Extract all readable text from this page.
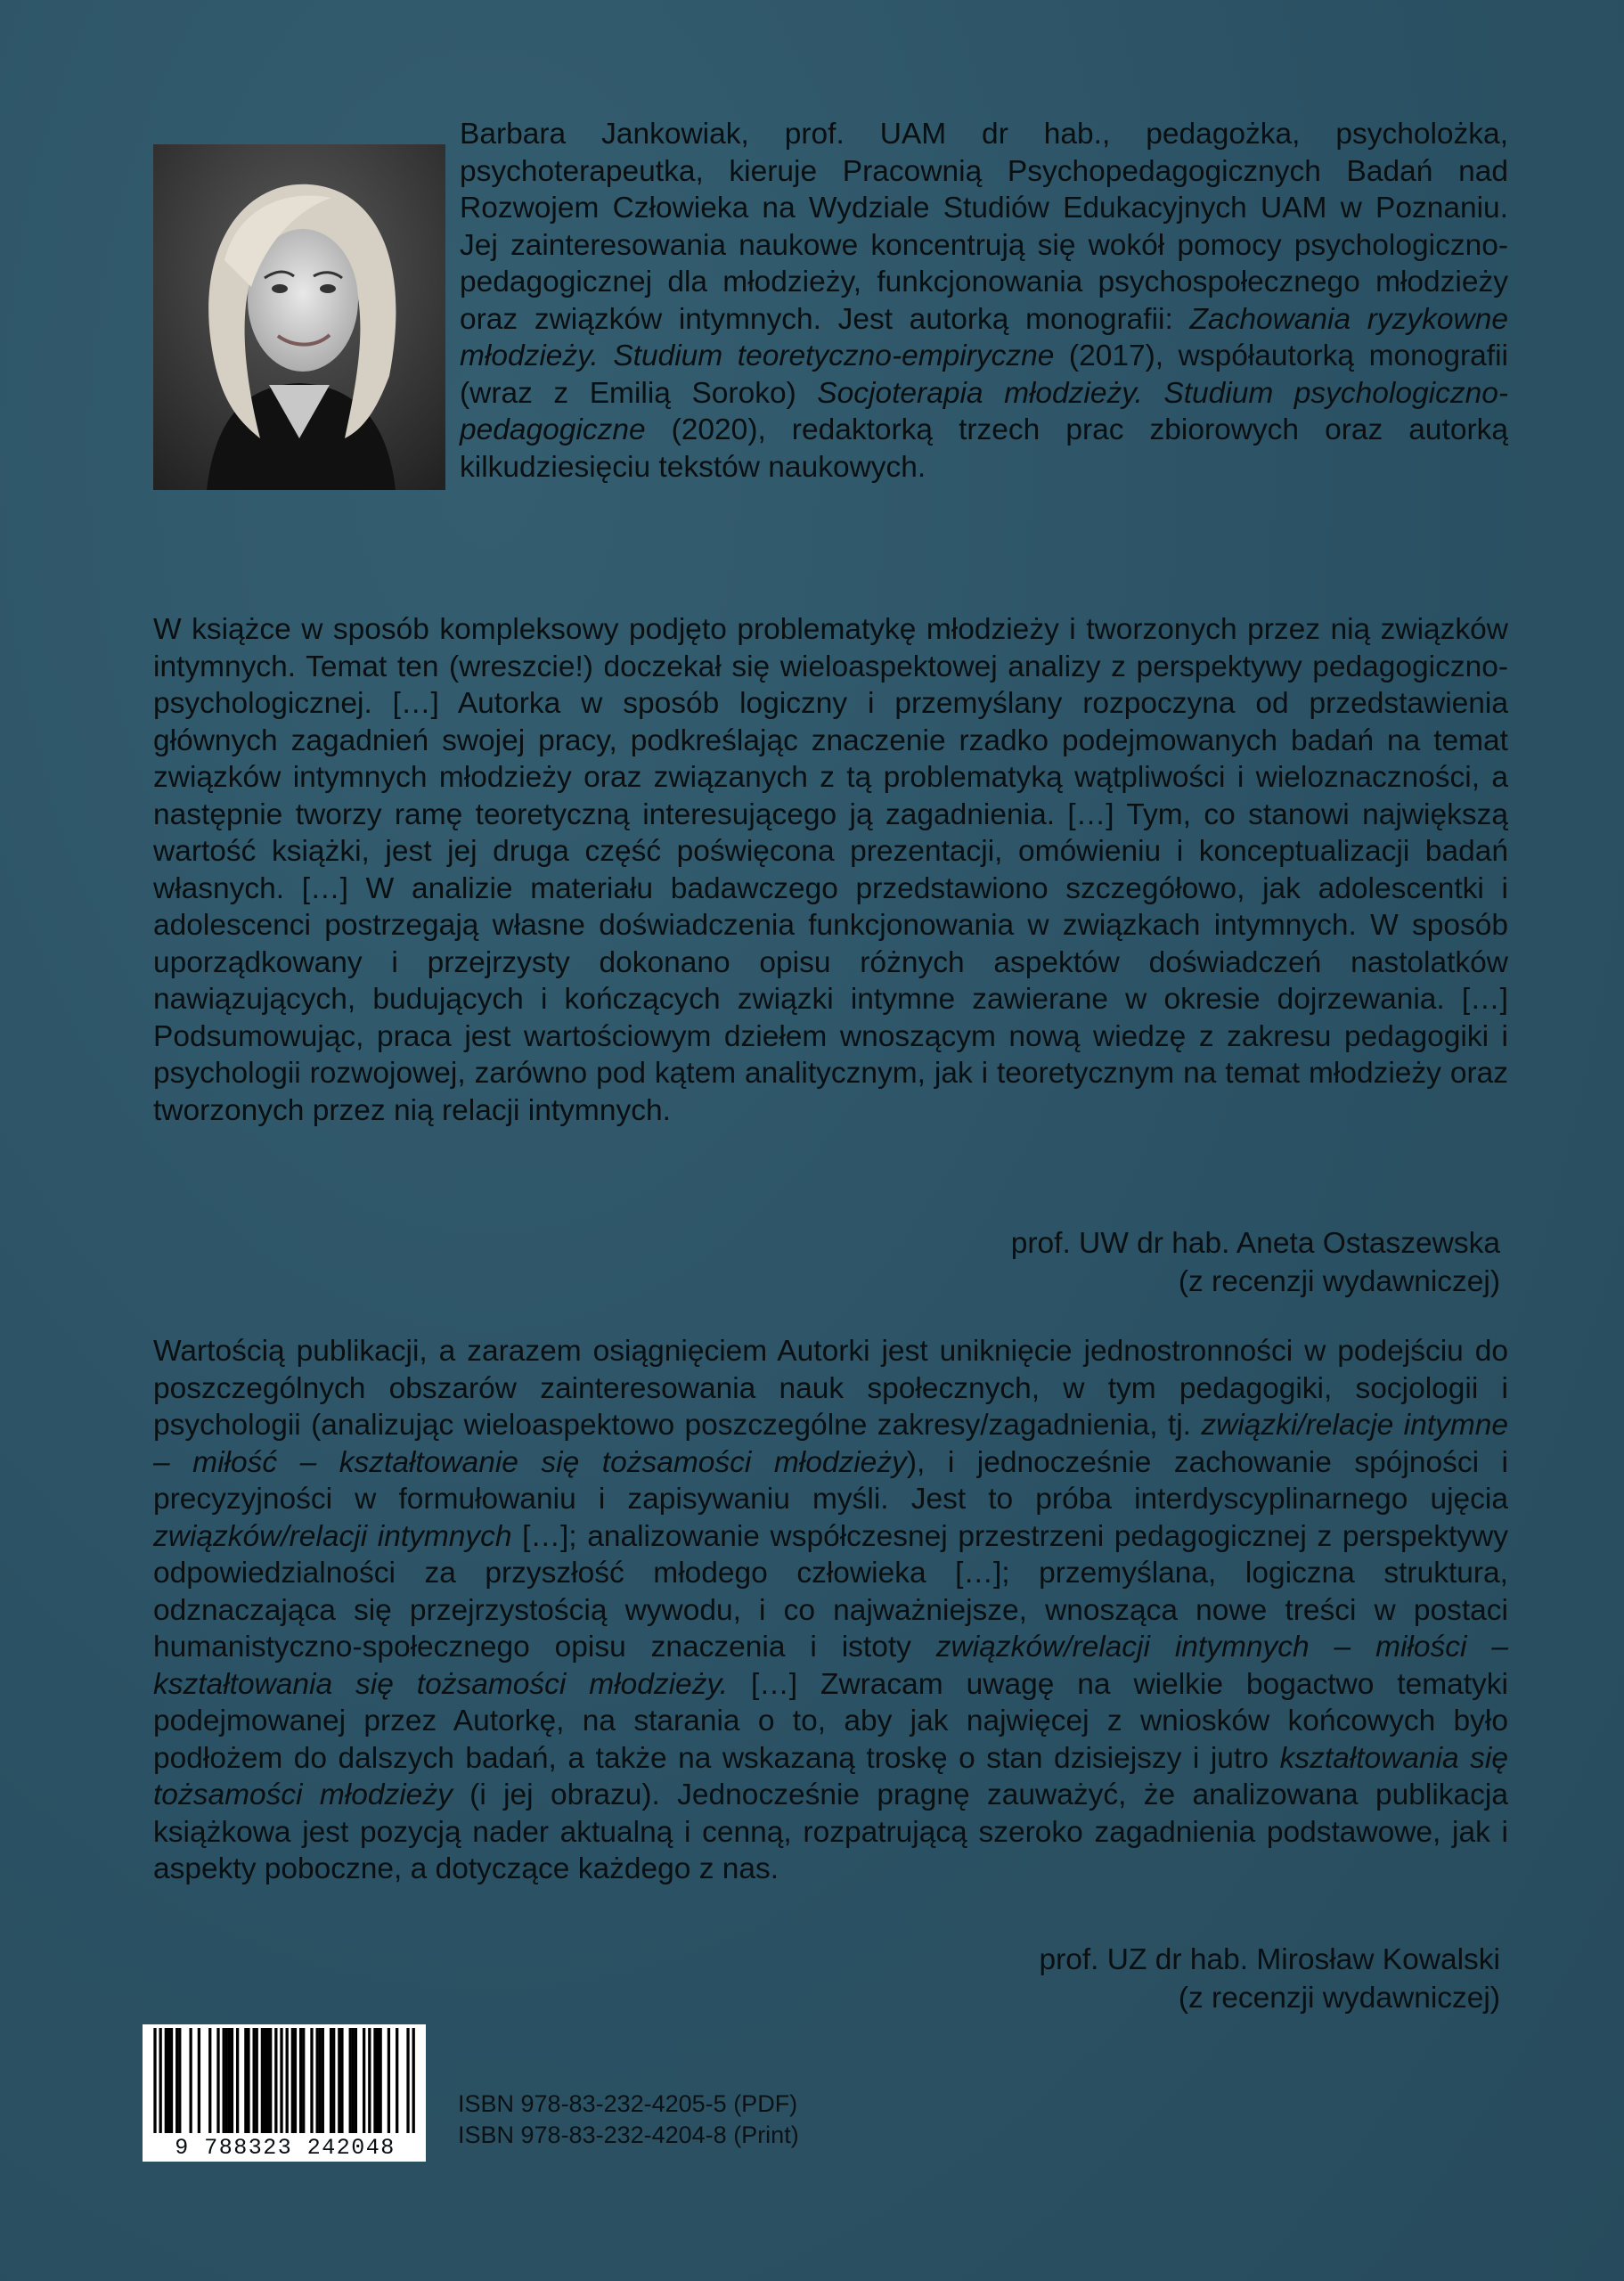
Barbara Jankowiak, prof. UAM dr hab., pedagożka, psycholożka, psychoterapeutka, kieruje Pracownią Psychopedagogicznych Badań nad Rozwojem Człowieka na Wydziale Studiów Edukacyjnych UAM w Poznaniu. Jej zainteresowania naukowe koncentrują się wokół pomocy psychologiczno-pedagogicznej dla młodzieży, funkcjonowania psychospołecznego młodzieży oraz związków intymnych. Jest autorką monografii: Zachowania ryzykowne młodzieży. Studium teoretyczno-empiryczne (2017), współautorką monografii (wraz z Emilią Soroko) Socjoterapia młodzieży. Studium psychologiczno-pedagogiczne (2020), redaktorką trzech prac zbiorowych oraz autorką kilkudziesięciu tekstów naukowych.
W książce w sposób kompleksowy podjęto problematykę młodzieży i tworzonych przez nią związków intymnych. Temat ten (wreszcie!) doczekał się wieloaspektowej analizy z perspektywy pedagogiczno-psychologicznej. […] Autorka w sposób logiczny i przemyślany rozpoczyna od przedstawienia głównych zagadnień swojej pracy, podkreślając znaczenie rzadko podejmowanych badań na temat związków intymnych młodzieży oraz związanych z tą problematyką wątpliwości i wieloznaczności, a następnie tworzy ramę teoretyczną interesującego ją zagadnienia. […] Tym, co stanowi największą wartość książki, jest jej druga część poświęcona prezentacji, omówieniu i konceptualizacji badań własnych. […] W analizie materiału badawczego przedstawiono szczegółowo, jak adolescentki i adolescenci postrzegają własne doświadczenia funkcjonowania w związkach intymnych. W sposób uporządkowany i przejrzysty dokonano opisu różnych aspektów doświadczeń nastolatków nawiązujących, budujących i kończących związki intymne zawierane w okresie dojrzewania. […] Podsumowując, praca jest wartościowym dziełem wnoszącym nową wiedzę z zakresu pedagogiki i psychologii rozwojowej, zarówno pod kątem analitycznym, jak i teoretycznym na temat młodzieży oraz tworzonych przez nią relacji intymnych.
prof. UW dr hab. Aneta Ostaszewska

(z recenzji wydawniczej)
Wartością publikacji, a zarazem osiągnięciem Autorki jest uniknięcie jednostronności w podejściu do poszczególnych obszarów zainteresowania nauk społecznych, w tym pedagogiki, socjologii i psychologii (analizując wieloaspektowo poszczególne zakresy/zagadnienia, tj. związki/relacje intymne – miłość – kształtowanie się tożsamości młodzieży), i jednocześnie zachowanie spójności i precyzyjności w formułowaniu i zapisywaniu myśli. Jest to próba interdyscyplinarnego ujęcia związków/relacji intymnych […]; analizowanie współczesnej przestrzeni pedagogicznej z perspektywy odpowiedzialności za przyszłość młodego człowieka […]; przemyślana, logiczna struktura, odznaczająca się przejrzystością wywodu, i co najważniejsze, wnosząca nowe treści w postaci humanistyczno-społecznego opisu znaczenia i istoty związków/relacji intymnych – miłości – kształtowania się tożsamości młodzieży. […] Zwracam uwagę na wielkie bogactwo tematyki podejmowanej przez Autorkę, na starania o to, aby jak najwięcej z wniosków końcowych było podłożem do dalszych badań, a także na wskazaną troskę o stan dzisiejszy i jutro kształtowania się tożsamości młodzieży (i jej obrazu). Jednocześnie pragnę zauważyć, że analizowana publikacja książkowa jest pozycją nader aktualną i cenną, rozpatrującą szeroko zagadnienia podstawowe, jak i aspekty poboczne, a dotyczące każdego z nas.
prof. UZ dr hab. Mirosław Kowalski

(z recenzji wydawniczej)
9 788323 242048
ISBN 978-83-232-4205-5 (PDF)
ISBN 978-83-232-4204-8 (Print)
